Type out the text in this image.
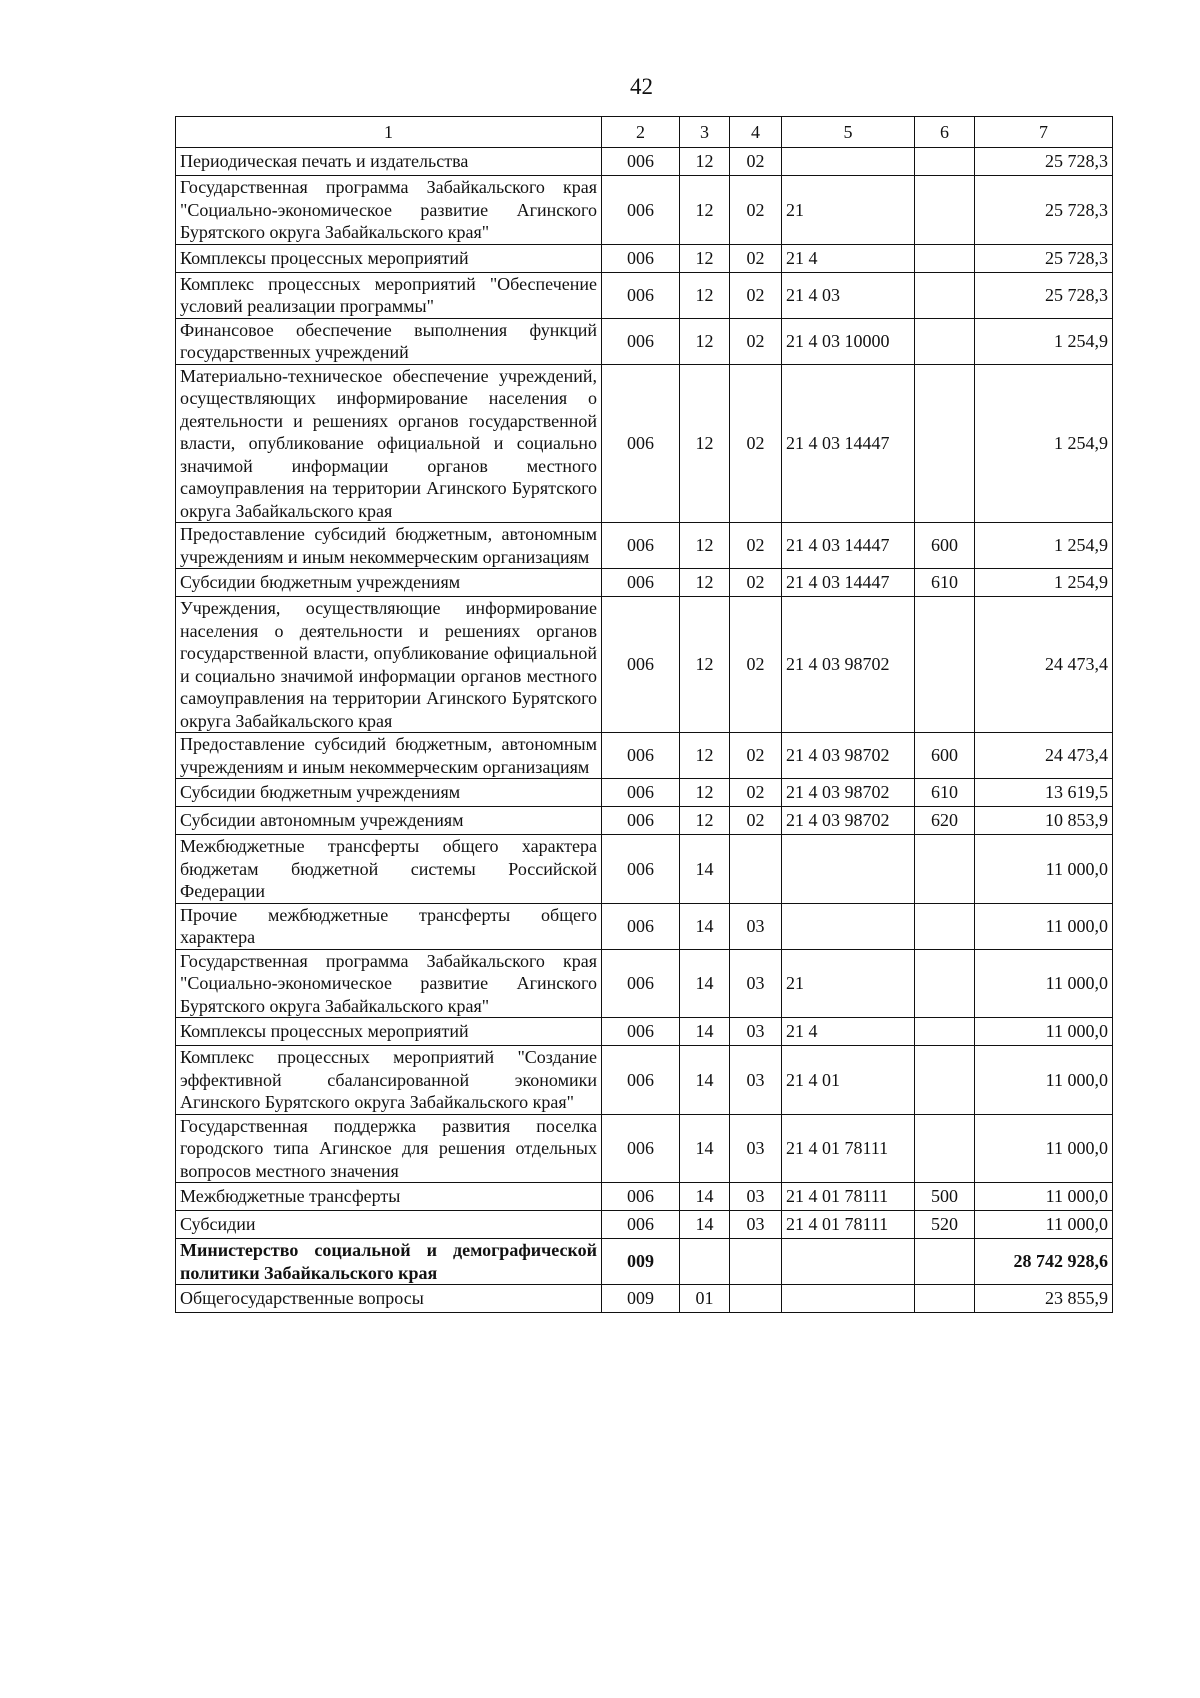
42
1	2	3	4	5	6	7
Периодическая печать и издательства	006	12	02			25 728,3
Государственная программа Забайкальского края "Социально-экономическое развитие Агинского Бурятского округа Забайкальского края"	006	12	02	21		25 728,3
Комплексы процессных мероприятий	006	12	02	21 4		25 728,3
Комплекс процессных мероприятий "Обеспечение условий реализации программы"	006	12	02	21 4 03		25 728,3
Финансовое обеспечение выполнения функций государственных учреждений	006	12	02	21 4 03 10000		1 254,9
Материально-техническое обеспечение учреждений, осуществляющих информирование населения о деятельности и решениях органов государственной власти, опубликование официальной и социально значимой информации органов местного самоуправления на территории Агинского Бурятского округа Забайкальского края	006	12	02	21 4 03 14447		1 254,9
Предоставление субсидий бюджетным, автономным учреждениям и иным некоммерческим организациям	006	12	02	21 4 03 14447	600	1 254,9
Субсидии бюджетным учреждениям	006	12	02	21 4 03 14447	610	1 254,9
Учреждения, осуществляющие информирование населения о деятельности и решениях органов государственной власти, опубликование официальной и социально значимой информации органов местного самоуправления на территории Агинского Бурятского округа Забайкальского края	006	12	02	21 4 03 98702		24 473,4
Предоставление субсидий бюджетным, автономным учреждениям и иным некоммерческим организациям	006	12	02	21 4 03 98702	600	24 473,4
Субсидии бюджетным учреждениям	006	12	02	21 4 03 98702	610	13 619,5
Субсидии автономным учреждениям	006	12	02	21 4 03 98702	620	10 853,9
Межбюджетные трансферты общего характера бюджетам бюджетной системы Российской Федерации	006	14				11 000,0
Прочие межбюджетные трансферты общего характера	006	14	03			11 000,0
Государственная программа Забайкальского края "Социально-экономическое развитие Агинского Бурятского округа Забайкальского края"	006	14	03	21		11 000,0
Комплексы процессных мероприятий	006	14	03	21 4		11 000,0
Комплекс процессных мероприятий "Создание эффективной сбалансированной экономики Агинского Бурятского округа Забайкальского края"	006	14	03	21 4 01		11 000,0
Государственная поддержка развития поселка городского типа Агинское для решения отдельных вопросов местного значения	006	14	03	21 4 01 78111		11 000,0
Межбюджетные трансферты	006	14	03	21 4 01 78111	500	11 000,0
Субсидии	006	14	03	21 4 01 78111	520	11 000,0
Министерство социальной и демографической политики Забайкальского края	009					28 742 928,6
Общегосударственные вопросы	009	01				23 855,9
